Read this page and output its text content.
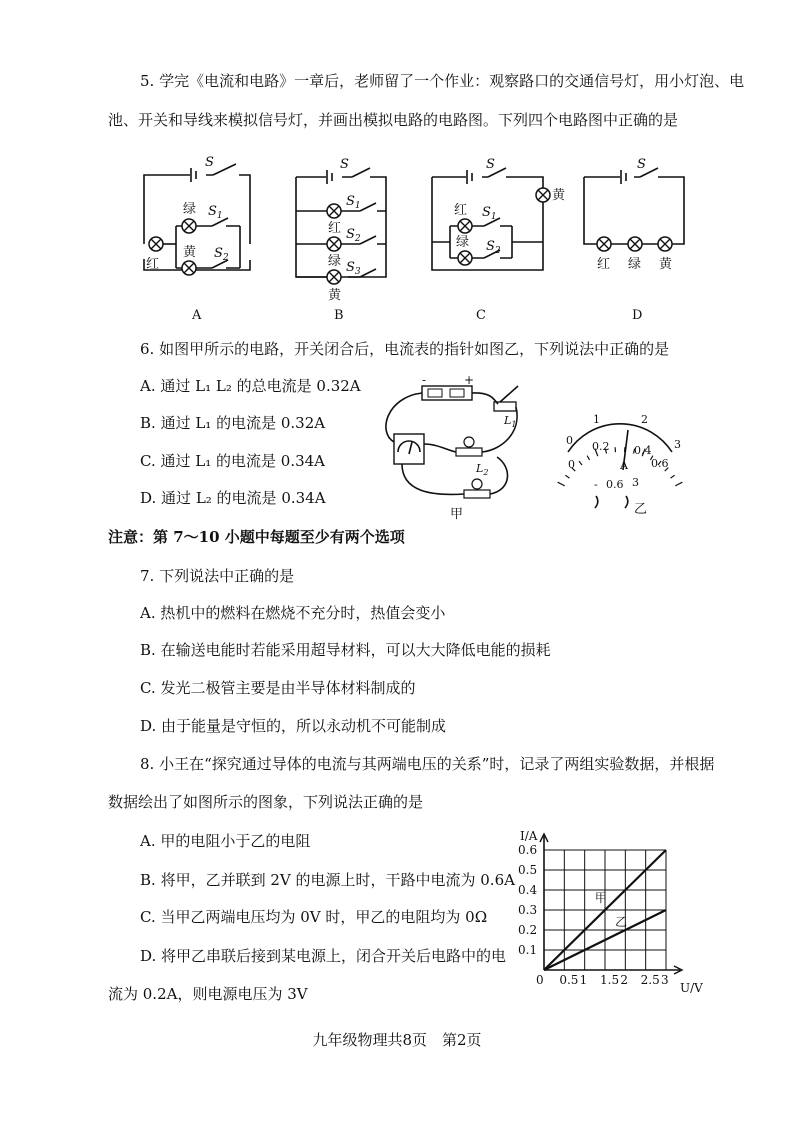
5. 学完《电流和电路》一章后，老师留了一个作业：观察路口的交通信号灯，用小灯泡、电
池、开关和导线来模拟信号灯，并画出模拟电路的电路图。下列四个电路图中正确的是
S
红
绿
黄
$S_1$
$S_2$
A
S
$S_1$
$S_2$
$S_3$
红
绿
黄
B
S
黄
红
绿
$S_1$
$S_2$
C
S
红 绿 黄
D
6. 如图甲所示的电路，开关闭合后，电流表的指针如图乙，下列说法中正确的是
A. 通过 L₁ L₂ 的总电流是 0.32A
B. 通过 L₁ 的电流是 0.32A
C. 通过 L₁ 的电流是 0.34A
D. 通过 L₂ 的电流是 0.34A
-	+
$L_1$
$L_2$
甲
0
0
1	2
3
0.2 0.4
0.6
A
- 0.6 3
乙
注意：第 7～10 小题中每题至少有两个选项
7. 下列说法中正确的是
A. 热机中的燃料在燃烧不充分时，热值会变小
B. 在输送电能时若能采用超导材料，可以大大降低电能的损耗
C. 发光二极管主要是由半导体材料制成的
D. 由于能量是守恒的，所以永动机不可能制成
8. 小王在“探究通过导体的电流与其两端电压的关系”时，记录了两组实验数据，并根据
数据绘出了如图所示的图象，下列说法正确的是
A. 甲的电阻小于乙的电阻
B. 将甲，乙并联到 2V 的电源上时，干路中电流为 0.6A
C. 当甲乙两端电压均为 0V 时，甲乙的电阻均为 0Ω
D. 将甲乙串联后接到某电源上，闭合开关后电路中的电
流为 0.2A，则电源电压为 3V
0 0.5 1 1.5 2 2.5 3
0.1
0.2
0.3
0.4
0.5
0.6
I/A
U/V
甲
乙
九年级物理共8页　第2页
